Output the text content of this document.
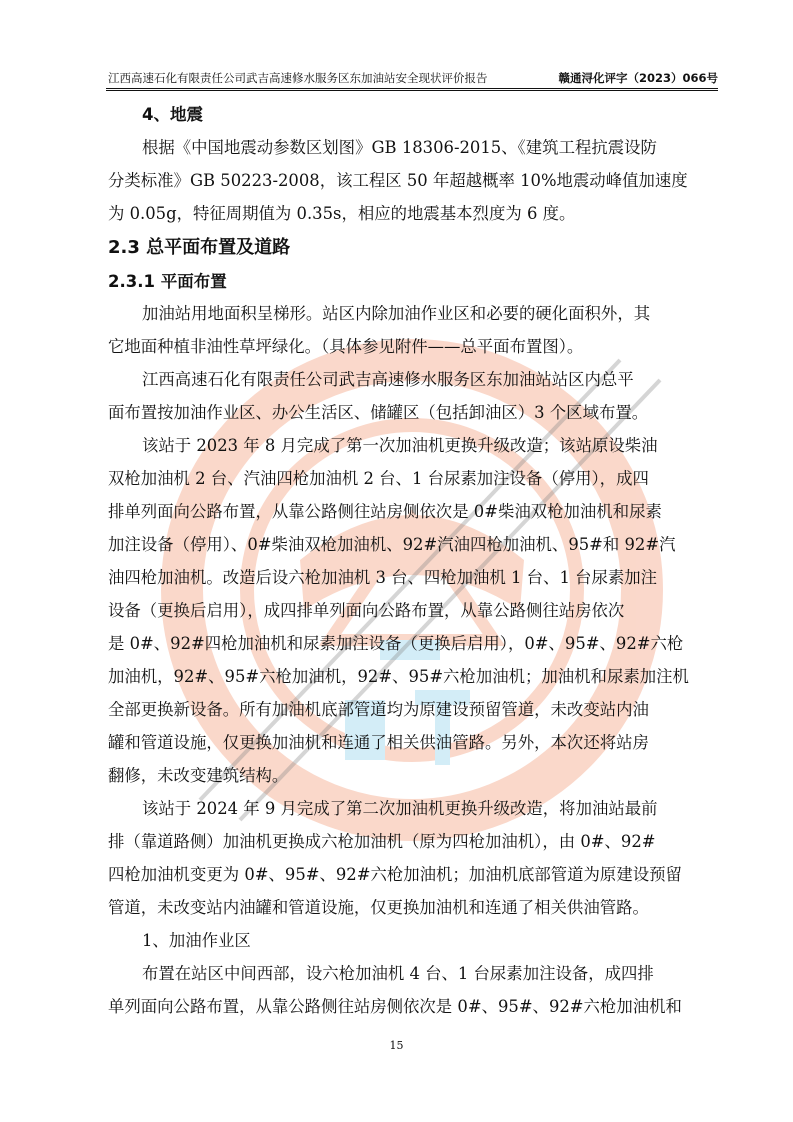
江西高速石化有限责任公司武吉高速修水服务区东加油站安全现状评价报告	赣通浔化评字（2023）066号
4、地震
根据《中国地震动参数区划图》GB 18306-2015、《建筑工程抗震设防
分类标准》GB 50223-2008，该工程区 50 年超越概率 10%地震动峰值加速度
为 0.05g，特征周期值为 0.35s，相应的地震基本烈度为 6 度。
2.3 总平面布置及道路
2.3.1 平面布置
加油站用地面积呈梯形。站区内除加油作业区和必要的硬化面积外，其
它地面种植非油性草坪绿化。（具体参见附件——总平面布置图）。
江西高速石化有限责任公司武吉高速修水服务区东加油站站区内总平
面布置按加油作业区、办公生活区、储罐区（包括卸油区）3 个区域布置。
该站于 2023 年 8 月完成了第一次加油机更换升级改造；该站原设柴油
双枪加油机 2 台、汽油四枪加油机 2 台、1 台尿素加注设备（停用），成四
排单列面向公路布置，从靠公路侧往站房侧依次是 0#柴油双枪加油机和尿素
加注设备（停用）、0#柴油双枪加油机、92#汽油四枪加油机、95#和 92#汽
油四枪加油机。改造后设六枪加油机 3 台、四枪加油机 1 台、1 台尿素加注
设备（更换后启用），成四排单列面向公路布置，从靠公路侧往站房依次
是 0#、92#四枪加油机和尿素加注设备（更换后启用），0#、95#、92#六枪
加油机，92#、95#六枪加油机，92#、95#六枪加油机；加油机和尿素加注机
全部更换新设备。所有加油机底部管道均为原建设预留管道，未改变站内油
罐和管道设施，仅更换加油机和连通了相关供油管路。另外，本次还将站房
翻修，未改变建筑结构。
该站于 2024 年 9 月完成了第二次加油机更换升级改造，将加油站最前
排（靠道路侧）加油机更换成六枪加油机（原为四枪加油机），由 0#、92#
四枪加油机变更为 0#、95#、92#六枪加油机；加油机底部管道为原建设预留
管道，未改变站内油罐和管道设施，仅更换加油机和连通了相关供油管路。
1、加油作业区
布置在站区中间西部，设六枪加油机 4 台、1 台尿素加注设备，成四排
单列面向公路布置，从靠公路侧往站房侧依次是 0#、95#、92#六枪加油机和
15
